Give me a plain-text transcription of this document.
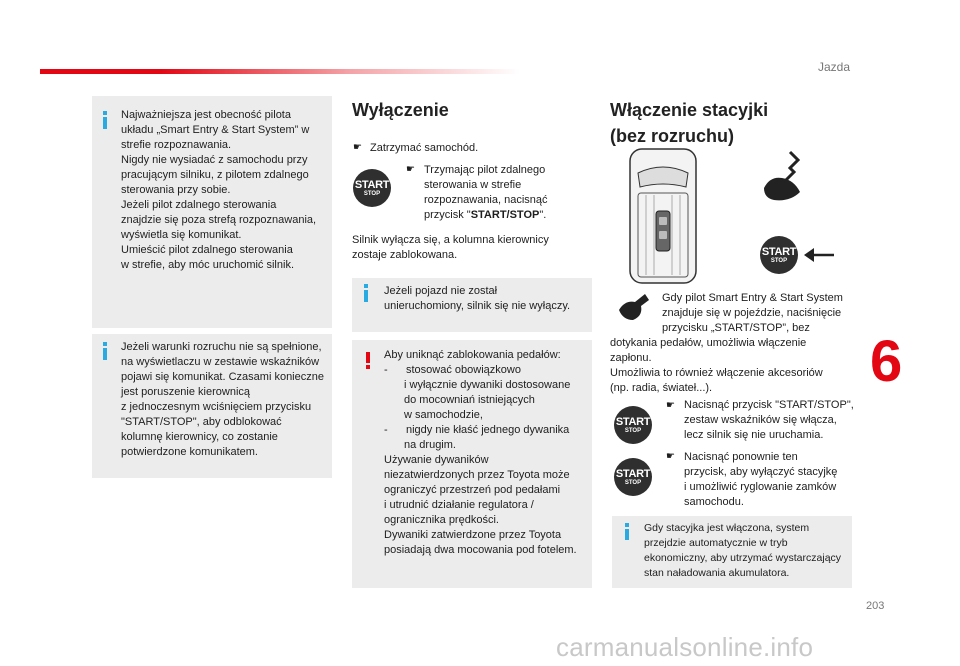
Jazda
6
203
carmanualsonline.info
Najważniejsza jest obecność pilota
układu „Smart Entry & Start System” w
strefie rozpoznawania.
Nigdy nie wysiadać z samochodu przy
pracującym silniku, z pilotem zdalnego
sterowania przy sobie.
Jeżeli pilot zdalnego sterowania
znajdzie się poza strefą rozpoznawania,
wyświetla się komunikat.
Umieścić pilot zdalnego sterowania
w strefie, aby móc uruchomić silnik.
Jeżeli warunki rozruchu nie są spełnione,
na wyświetlaczu w zestawie wskaźników
pojawi się komunikat. Czasami konieczne
jest poruszenie kierownicą
z jednoczesnym wciśnięciem przycisku
"START/STOP", aby odblokować
kolumnę kierownicy, co zostanie
potwierdzone komunikatem.
Wyłączenie
☛ Zatrzymać samochód.
START
STOP
☛ Trzymając pilot zdalnego
sterowania w strefie
rozpoznawania, nacisnąć
przycisk "START/STOP".
Silnik wyłącza się, a kolumna kierownicy
zostaje zablokowana.
Jeżeli pojazd nie został
unieruchomiony, silnik się nie wyłączy.
Aby uniknąć zablokowania pedałów:
-      stosować obowiązkowo
i wyłącznie dywaniki dostosowane
do mocowniań istniejących
w samochodzie,
-      nigdy nie kłaść jednego dywanika
na drugim.
Używanie dywaników
niezatwierdzonych przez Toyota może
ograniczyć przestrzeń pod pedałami
i utrudnić działanie regulatora /
ogranicznika prędkości.
Dywaniki zatwierdzone przez Toyota
posiadają dwa mocowania pod fotelem.
Włączenie stacyjki
(bez rozruchu)
START
STOP
Gdy pilot Smart Entry & Start System
znajduje się w pojeździe, naciśnięcie
przycisku „START/STOP”, bez
dotykania pedałów, umożliwia włączenie
zapłonu.
Umożliwia to również włączenie akcesoriów
(np. radia, świateł...).
START
STOP
☛ Nacisnąć przycisk "START/STOP",
zestaw wskaźników się włącza,
lecz silnik się nie uruchamia.
START
STOP
☛ Nacisnąć ponownie ten
przycisk, aby wyłączyć stacyjkę
i umożliwić ryglowanie zamków
samochodu.
Gdy stacyjka jest włączona, system
przejdzie automatycznie w tryb
ekonomiczny, aby utrzymać wystarczający
stan naładowania akumulatora.
